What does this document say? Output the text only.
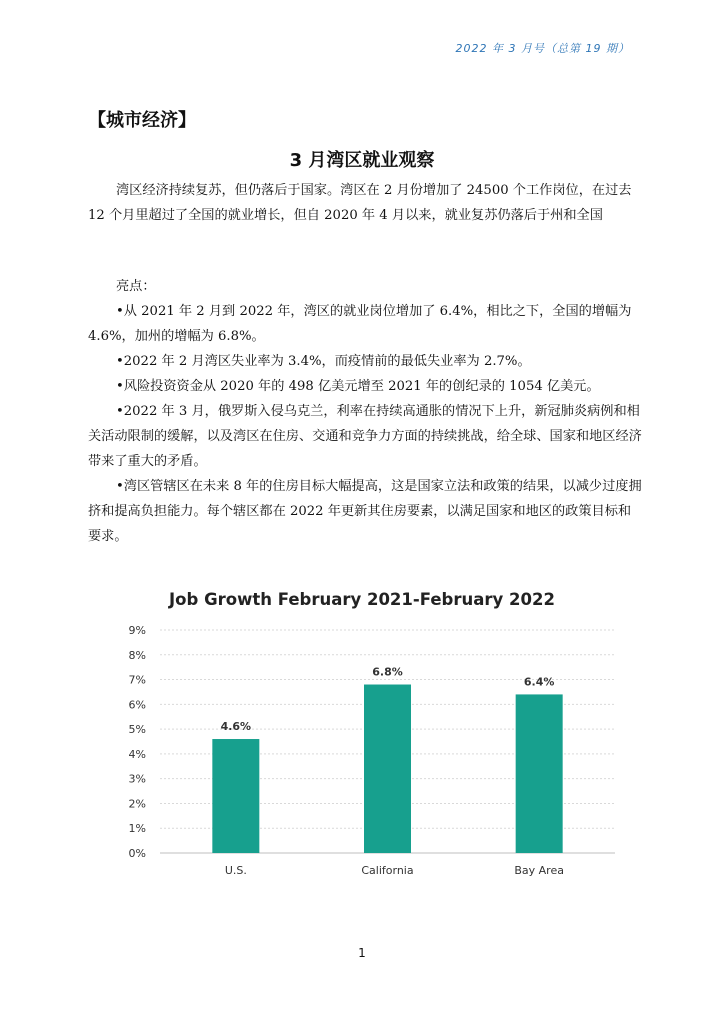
2022 年 3 月号（总第 19 期）
【城市经济】
3 月湾区就业观察

湾区经济持续复苏，但仍落后于国家。湾区在 2 月份增加了 24500 个工作岗位，在过去 12 个月里超过了全国的就业增长，但自 2020 年 4 月以来，就业复苏仍落后于州和全国

亮点：

•从 2021 年 2 月到 2022 年，湾区的就业岗位增加了 6.4%，相比之下，全国的增幅为 4.6%，加州的增幅为 6.8%。

•2022 年 2 月湾区失业率为 3.4%，而疫情前的最低失业率为 2.7%。

•风险投资资金从 2020 年的 498 亿美元增至 2021 年的创纪录的 1054 亿美元。

•2022 年 3 月，俄罗斯入侵乌克兰，利率在持续高通胀的情况下上升，新冠肺炎病例和相关活动限制的缓解，以及湾区在住房、交通和竞争力方面的持续挑战，给全球、国家和地区经济带来了重大的矛盾。

•湾区管辖区在未来 8 年的住房目标大幅提高，这是国家立法和政策的结果，以减少过度拥挤和提高负担能力。每个辖区都在 2022 年更新其住房要素，以满足国家和地区的政策目标和要求。

Job Growth February 2021-February 2022
0%
1%
2%
3%
4%
5%
6%
7%
8%
9%
4.6%
U.S.
6.8%
California
6.4%
Bay Area
1
